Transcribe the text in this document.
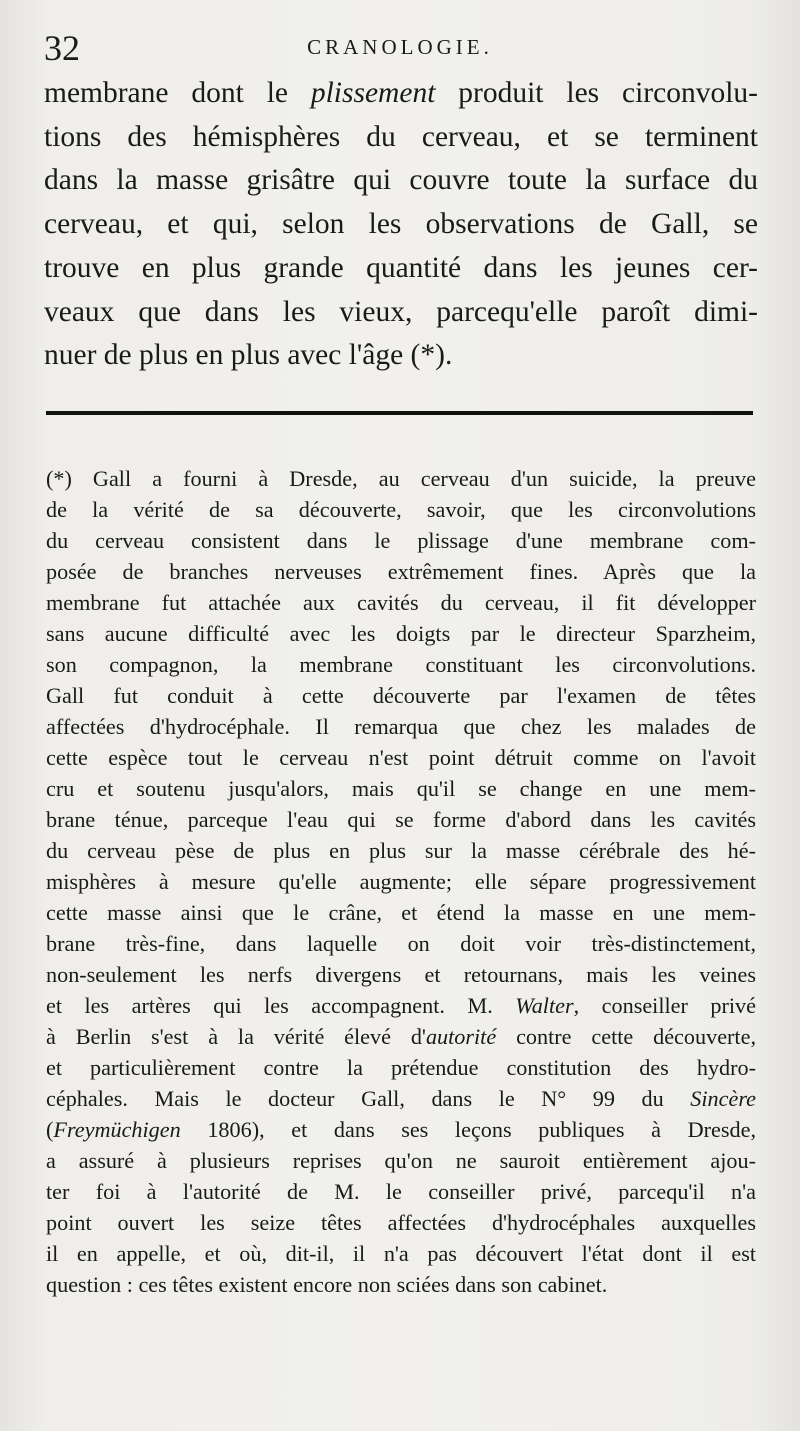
32	CRANOLOGIE.
membrane dont le plissement produit les circonvolu-
tions des hémisphères du cerveau, et se terminent
dans la masse grisâtre qui couvre toute la surface du
cerveau, et qui, selon les observations de Gall, se
trouve en plus grande quantité dans les jeunes cer-
veaux que dans les vieux, parcequ'elle paroît dimi-
nuer de plus en plus avec l'âge (*).
(*) Gall a fourni à Dresde, au cerveau d'un suicide, la preuve
de la vérité de sa découverte, savoir, que les circonvolutions
du cerveau consistent dans le plissage d'une membrane com-
posée de branches nerveuses extrêmement fines. Après que la
membrane fut attachée aux cavités du cerveau, il fit développer
sans aucune difficulté avec les doigts par le directeur Sparzheim,
son compagnon, la membrane constituant les circonvolutions.
Gall fut conduit à cette découverte par l'examen de têtes
affectées d'hydrocéphale. Il remarqua que chez les malades de
cette espèce tout le cerveau n'est point détruit comme on l'avoit
cru et soutenu jusqu'alors, mais qu'il se change en une mem-
brane ténue, parceque l'eau qui se forme d'abord dans les cavités
du cerveau pèse de plus en plus sur la masse cérébrale des hé-
misphères à mesure qu'elle augmente; elle sépare progressivement
cette masse ainsi que le crâne, et étend la masse en une mem-
brane très-fine, dans laquelle on doit voir très-distinctement,
non-seulement les nerfs divergens et retournans, mais les veines
et les artères qui les accompagnent. M. Walter, conseiller privé
à Berlin s'est à la vérité élevé d'autorité contre cette découverte,
et particulièrement contre la prétendue constitution des hydro-
céphales. Mais le docteur Gall, dans le N° 99 du Sincère
(Freymüchigen 1806), et dans ses leçons publiques à Dresde,
a assuré à plusieurs reprises qu'on ne sauroit entièrement ajou-
ter foi à l'autorité de M. le conseiller privé, parcequ'il n'a
point ouvert les seize têtes affectées d'hydrocéphales auxquelles
il en appelle, et où, dit-il, il n'a pas découvert l'état dont il est
question : ces têtes existent encore non sciées dans son cabinet.
